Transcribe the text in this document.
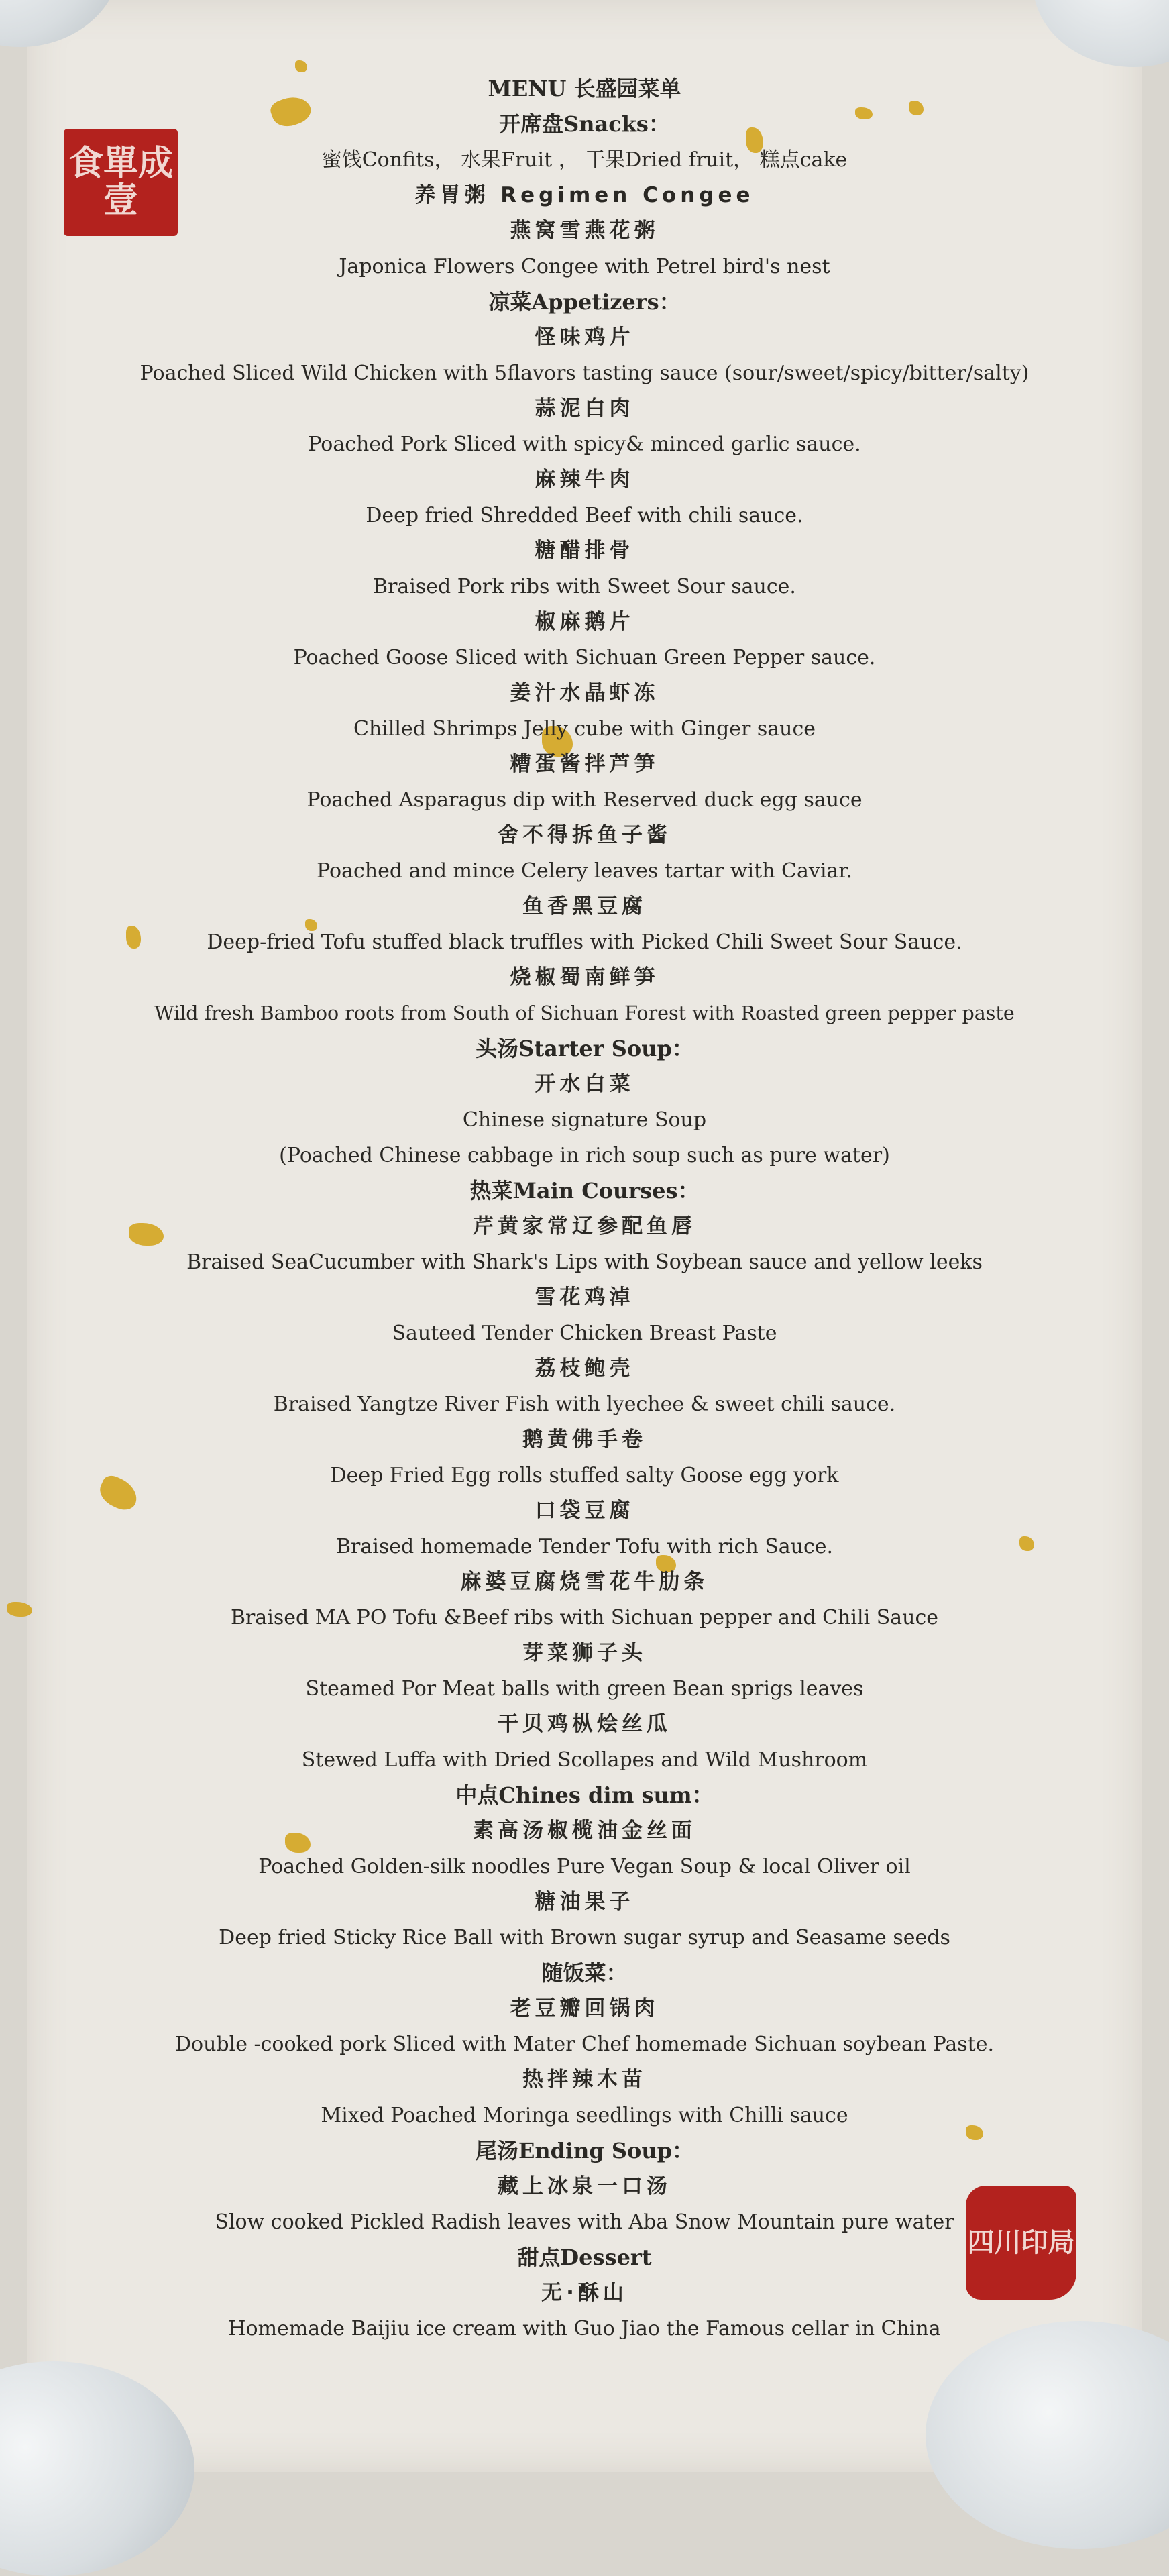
食單成壹
四川印局
MENU 长盛园菜单
开席盘Snacks：
蜜饯Confits， 水果Fruit ， 干果Dried fruit， 糕点cake
养胃粥 Regimen Congee
燕窝雪燕花粥
Japonica Flowers Congee with Petrel bird's nest
凉菜Appetizers：
怪味鸡片
Poached Sliced Wild Chicken with 5flavors tasting sauce (sour/sweet/spicy/bitter/salty)
蒜泥白肉
Poached Pork Sliced with spicy& minced garlic sauce.
麻辣牛肉
Deep fried Shredded Beef with chili sauce.
糖醋排骨
Braised Pork ribs with Sweet Sour sauce.
椒麻鹅片
Poached Goose Sliced with Sichuan Green Pepper sauce.
姜汁水晶虾冻
Chilled Shrimps Jelly cube with Ginger sauce
糟蛋酱拌芦笋
Poached Asparagus dip with Reserved duck egg sauce
舍不得拆鱼子酱
Poached and mince Celery leaves tartar with Caviar.
鱼香黑豆腐
Deep-fried Tofu stuffed black truffles with Picked Chili Sweet Sour Sauce.
烧椒蜀南鲜笋
Wild fresh Bamboo roots from South of Sichuan Forest with Roasted green pepper paste
头汤Starter Soup：
开水白菜
Chinese signature Soup
(Poached Chinese cabbage in rich soup such as pure water)
热菜Main Courses：
芹黄家常辽参配鱼唇
Braised SeaCucumber with Shark's Lips with Soybean sauce and yellow leeks
雪花鸡淖
Sauteed Tender Chicken Breast Paste
荔枝鲍壳
Braised Yangtze River Fish with lyechee & sweet chili sauce.
鹅黄佛手卷
Deep Fried Egg rolls stuffed salty Goose egg york
口袋豆腐
Braised homemade Tender Tofu with rich Sauce.
麻婆豆腐烧雪花牛肋条
Braised MA PO Tofu &Beef ribs with Sichuan pepper and Chili Sauce
芽菜狮子头
Steamed Por Meat balls with green Bean sprigs leaves
干贝鸡枞烩丝瓜
Stewed Luffa with Dried Scollapes and Wild Mushroom
中点Chines dim sum：
素高汤椒榄油金丝面
Poached Golden-silk noodles Pure Vegan Soup & local Oliver oil
糖油果子
Deep fried Sticky Rice Ball with Brown sugar syrup and Seasame seeds
随饭菜：
老豆瓣回锅肉
Double -cooked pork Sliced with Mater Chef homemade Sichuan soybean Paste.
热拌辣木苗
Mixed Poached Moringa seedlings with Chilli sauce
尾汤Ending Soup：
藏上冰泉一口汤
Slow cooked Pickled Radish leaves with Aba Snow Mountain pure water
甜点Dessert
无·酥山
Homemade Baijiu ice cream with Guo Jiao the Famous cellar in China
